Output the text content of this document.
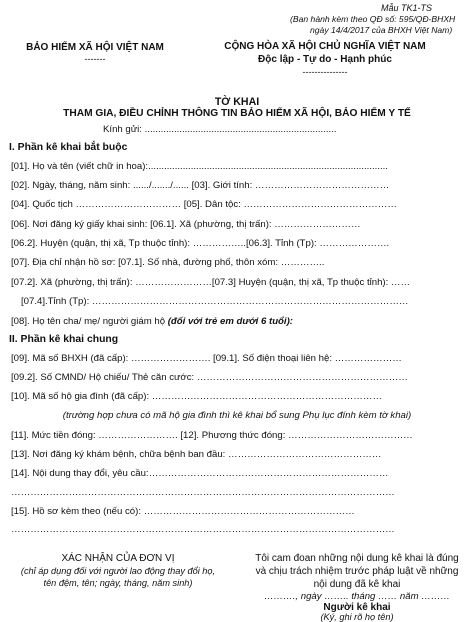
Mẫu TK1-TS
(Ban hành kèm theo QĐ số: 595/QĐ-BHXH
ngày 14/4/2017 của BHXH Việt Nam)
BẢO HIỂM XÃ HỘI VIỆT NAM
-------
CỘNG HÒA XÃ HỘI CHỦ NGHĨA VIỆT NAM
Độc lập - Tự do - Hạnh phúc
---------------
TỜ KHAI
THAM GIA, ĐIỀU CHỈNH THÔNG TIN BẢO HIỂM XÃ HỘI, BẢO HIỂM Y TẾ
Kính gửi: ........................................................................
I. Phần kê khai bắt buộc
[01]. Họ và tên (viết chữ in hoa):..........................................................................................
[02]. Ngày, tháng, năm sinh: ....../......./...... [03]. Giới tính: ……………………………………
[04]. Quốc tịch …………………………… [05]. Dân tộc: …………………………………………
[06]. Nơi đăng ký giấy khai sinh: [06.1]. Xã (phường, thị trấn): ………………………
[06.2]. Huyện (quận, thị xã, Tp thuộc tỉnh): ……………..[06.3]. Tỉnh (Tp): ………………….
[07]. Địa chỉ nhận hồ sơ: [07.1]. Số nhà, đường phố, thôn xóm: …………..
[07.2]. Xã (phường, thị trấn): ……………………[07.3] Huyện (quận, thị xã, Tp thuộc tỉnh): ……
[07.4].Tỉnh (Tp): ………………………………………………………………………………………
[08]. Họ tên cha/ mẹ/ người giám hộ (đối với trẻ em dưới 6 tuổi):
II. Phần kê khai chung
[09]. Mã số BHXH (đã cấp): ……………………. [09.1]. Số điện thoại liên hệ: …………………
[09.2]. Số CMND/ Hộ chiếu/ Thẻ căn cước: …………………………………………………………
[10]. Mã số hộ gia đình (đã cấp): ………………………………………………………………
(trường hợp chưa có mã hộ gia đình thì kê khai bổ sung Phụ lục đính kèm tờ khai)
[11]. Mức tiền đóng: ……………………. [12]. Phương thức đóng: …………………………………
[13]. Nơi đăng ký khám bệnh, chữa bệnh ban đầu: …………………………………………
[14]. Nội dung thay đổi, yêu cầu:…………………………………………………………………
…………………………………………………………………………………………………………
[15]. Hồ sơ kèm theo (nếu có): …………………………………………………………
…………………………………………………………………………………………………………
XÁC NHẬN CỦA ĐƠN VỊ
(chỉ áp dụng đối với người lao động thay đổi họ,
tên đệm, tên; ngày, tháng, năm sinh)
Tôi cam đoan những nội dung kê khai là đúng
và chịu trách nhiệm trước pháp luật về những
nội dung đã kê khai
………., ngày …….. tháng …… năm ………
Người kê khai
(Ký, ghi rõ họ tên)
